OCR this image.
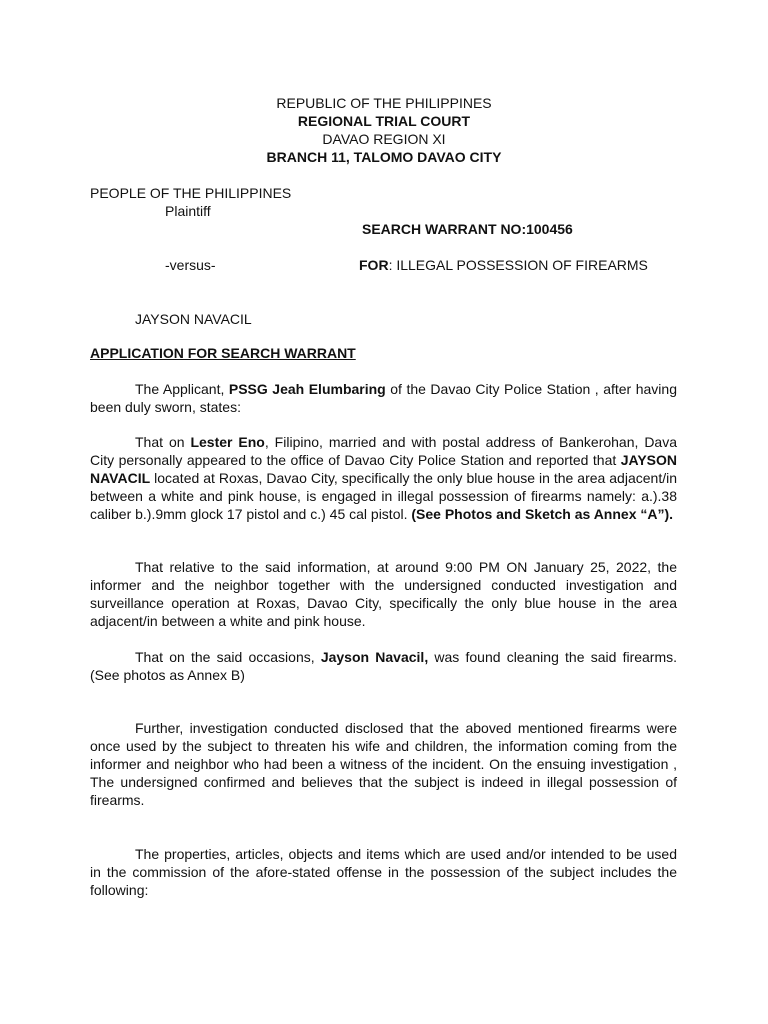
REPUBLIC OF THE PHILIPPINES
REGIONAL TRIAL COURT
DAVAO REGION XI
BRANCH 11, TALOMO DAVAO CITY
PEOPLE OF THE PHILIPPINES
Plaintiff
SEARCH WARRANT NO:100456
-versus-	FOR: ILLEGAL POSSESSION OF FIREARMS
JAYSON NAVACIL
APPLICATION FOR SEARCH WARRANT

The Applicant, PSSG Jeah Elumbaring of the Davao City Police Station , after having been duly sworn, states:

That on Lester Eno, Filipino, married and with postal address of Bankerohan, Dava City personally appeared to the office of Davao City Police Station and reported that JAYSON NAVACIL located at Roxas, Davao City, specifically the only blue house in the area adjacent/in between a white and pink house, is engaged in illegal possession of firearms namely: a.).38 caliber b.).9mm glock 17 pistol and c.) 45 cal pistol. (See Photos and Sketch as Annex “A”).

That relative to the said information, at around 9:00 PM ON January 25, 2022, the informer and the neighbor together with the undersigned conducted investigation and surveillance operation at Roxas, Davao City, specifically the only blue house in the area adjacent/in between a white and pink house.

That on the said occasions, Jayson Navacil, was found cleaning the said firearms.(See photos as Annex B)

Further, investigation conducted disclosed that the aboved mentioned firearms were once used by the subject to threaten his wife and children, the information coming from the informer and neighbor who had been a witness of the incident. On the ensuing investigation , The undersigned confirmed and believes that the subject is indeed in illegal possession of firearms.

The properties, articles, objects and items which are used and/or intended to be used in the commission of the afore-stated offense in the possession of the subject includes the following:
